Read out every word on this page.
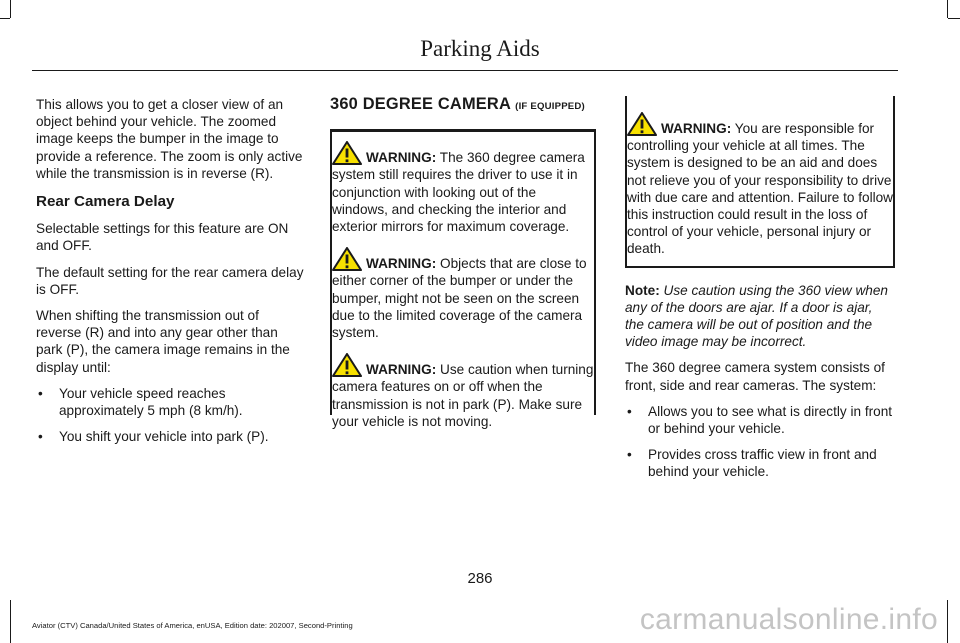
Parking Aids

This allows you to get a closer view of an object behind your vehicle. The zoomed image keeps the bumper in the image to provide a reference. The zoom is only active while the transmission is in reverse (R).

Rear Camera Delay

Selectable settings for this feature are ON and OFF.

The default setting for the rear camera delay is OFF.

When shifting the transmission out of reverse (R) and into any gear other than park (P), the camera image remains in the display until:

• Your vehicle speed reaches approximately 5 mph (8 km/h).
• You shift your vehicle into park (P).
360 DEGREE CAMERA (IF EQUIPPED)
WARNING: The 360 degree camera system still requires the driver to use it in conjunction with looking out of the windows, and checking the interior and exterior mirrors for maximum coverage.
WARNING: Objects that are close to either corner of the bumper or under the bumper, might not be seen on the screen due to the limited coverage of the camera system.
WARNING: Use caution when turning camera features on or off when the transmission is not in park (P). Make sure your vehicle is not moving.
WARNING: You are responsible for controlling your vehicle at all times. The system is designed to be an aid and does not relieve you of your responsibility to drive with due care and attention. Failure to follow this instruction could result in the loss of control of your vehicle, personal injury or death.

Note: Use caution using the 360 view when any of the doors are ajar. If a door is ajar, the camera will be out of position and the video image may be incorrect.

The 360 degree camera system consists of front, side and rear cameras. The system:

• Allows you to see what is directly in front or behind your vehicle.
• Provides cross traffic view in front and behind your vehicle.
286
Aviator (CTV) Canada/United States of America, enUSA, Edition date: 202007, Second-Printing	carmanualsonline.info
